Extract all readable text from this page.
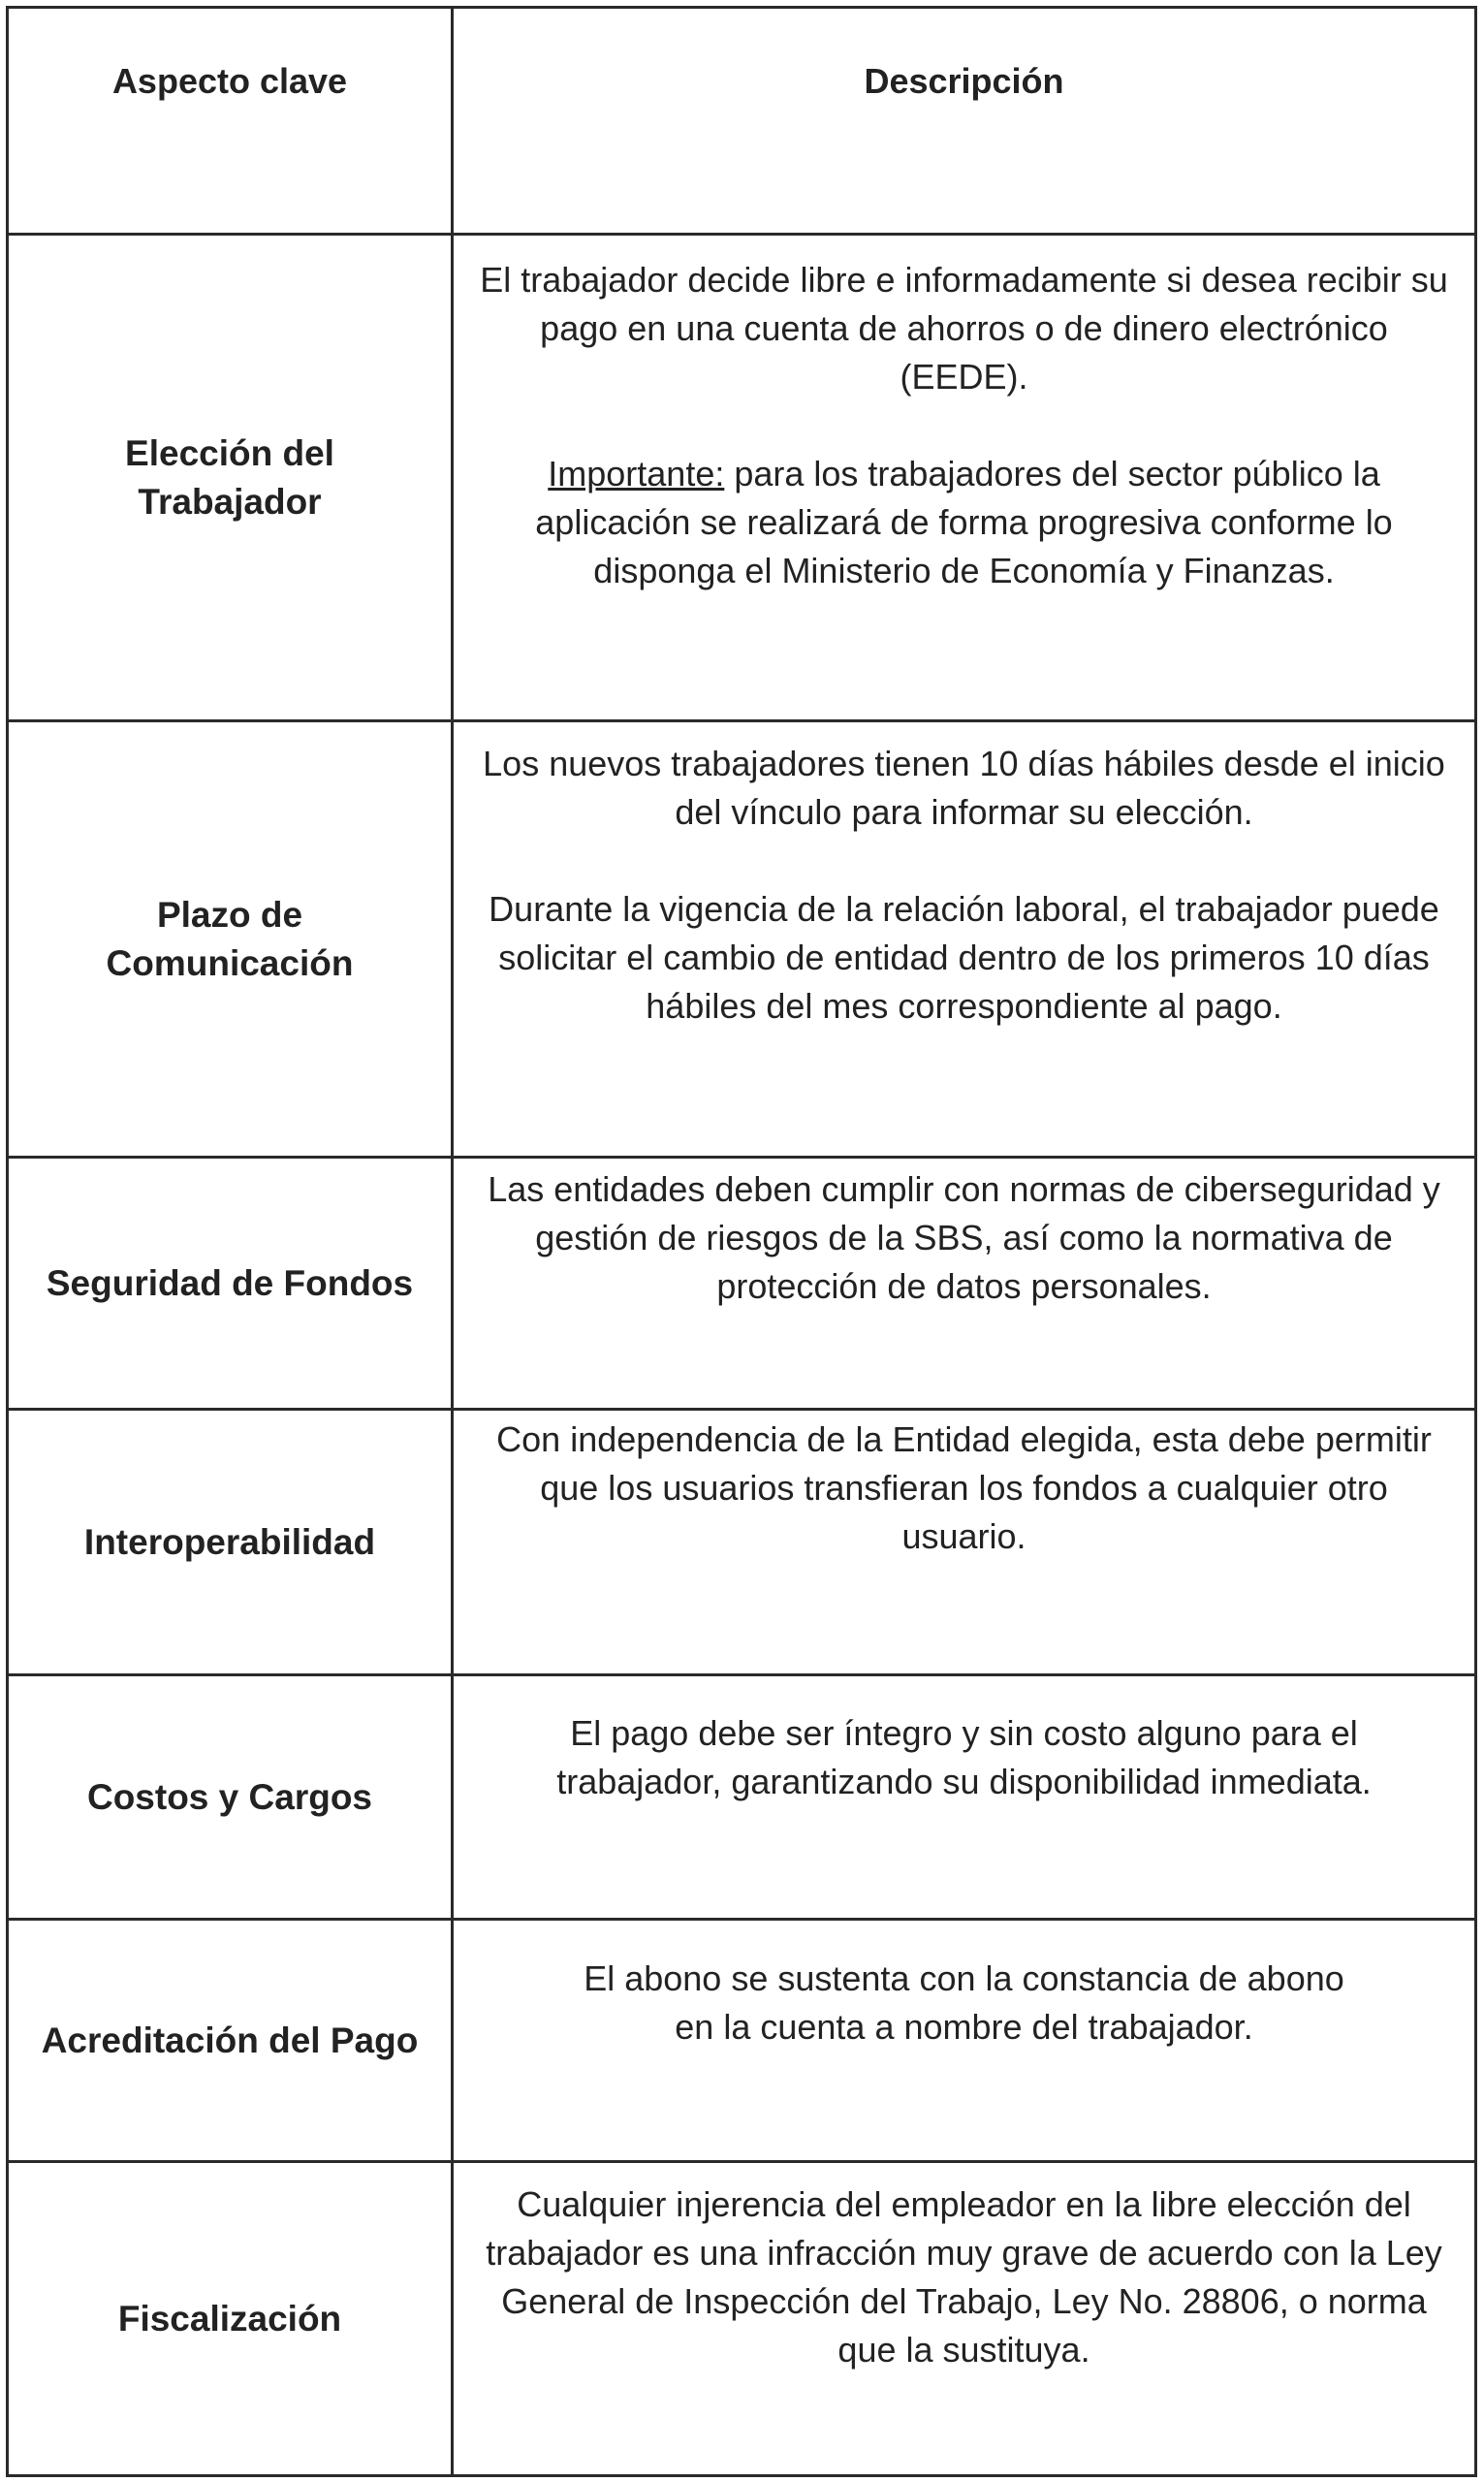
Aspecto clave	Descripción
Elección del Trabajador

El trabajador decide libre e informadamente si desea recibir su pago en una cuenta de ahorros o de dinero electrónico (EEDE).

Importante: para los trabajadores del sector público la aplicación se realizará de forma progresiva conforme lo disponga el Ministerio de Economía y Finanzas.

Plazo de Comunicación

Los nuevos trabajadores tienen 10 días hábiles desde el inicio del vínculo para informar su elección.

Durante la vigencia de la relación laboral, el trabajador puede solicitar el cambio de entidad dentro de los primeros 10 días hábiles del mes correspondiente al pago.

Seguridad de Fondos

Las entidades deben cumplir con normas de ciberseguridad y gestión de riesgos de la SBS, así como la normativa de protección de datos personales.

Interoperabilidad

Con independencia de la Entidad elegida, esta debe permitir que los usuarios transfieran los fondos a cualquier otro usuario.

Costos y Cargos

El pago debe ser íntegro y sin costo alguno para el trabajador, garantizando su disponibilidad inmediata.

Acreditación del Pago

El abono se sustenta con la constancia de abono en la cuenta a nombre del trabajador.

Fiscalización

Cualquier injerencia del empleador en la libre elección del trabajador es una infracción muy grave de acuerdo con la Ley General de Inspección del Trabajo, Ley No. 28806, o norma que la sustituya.
